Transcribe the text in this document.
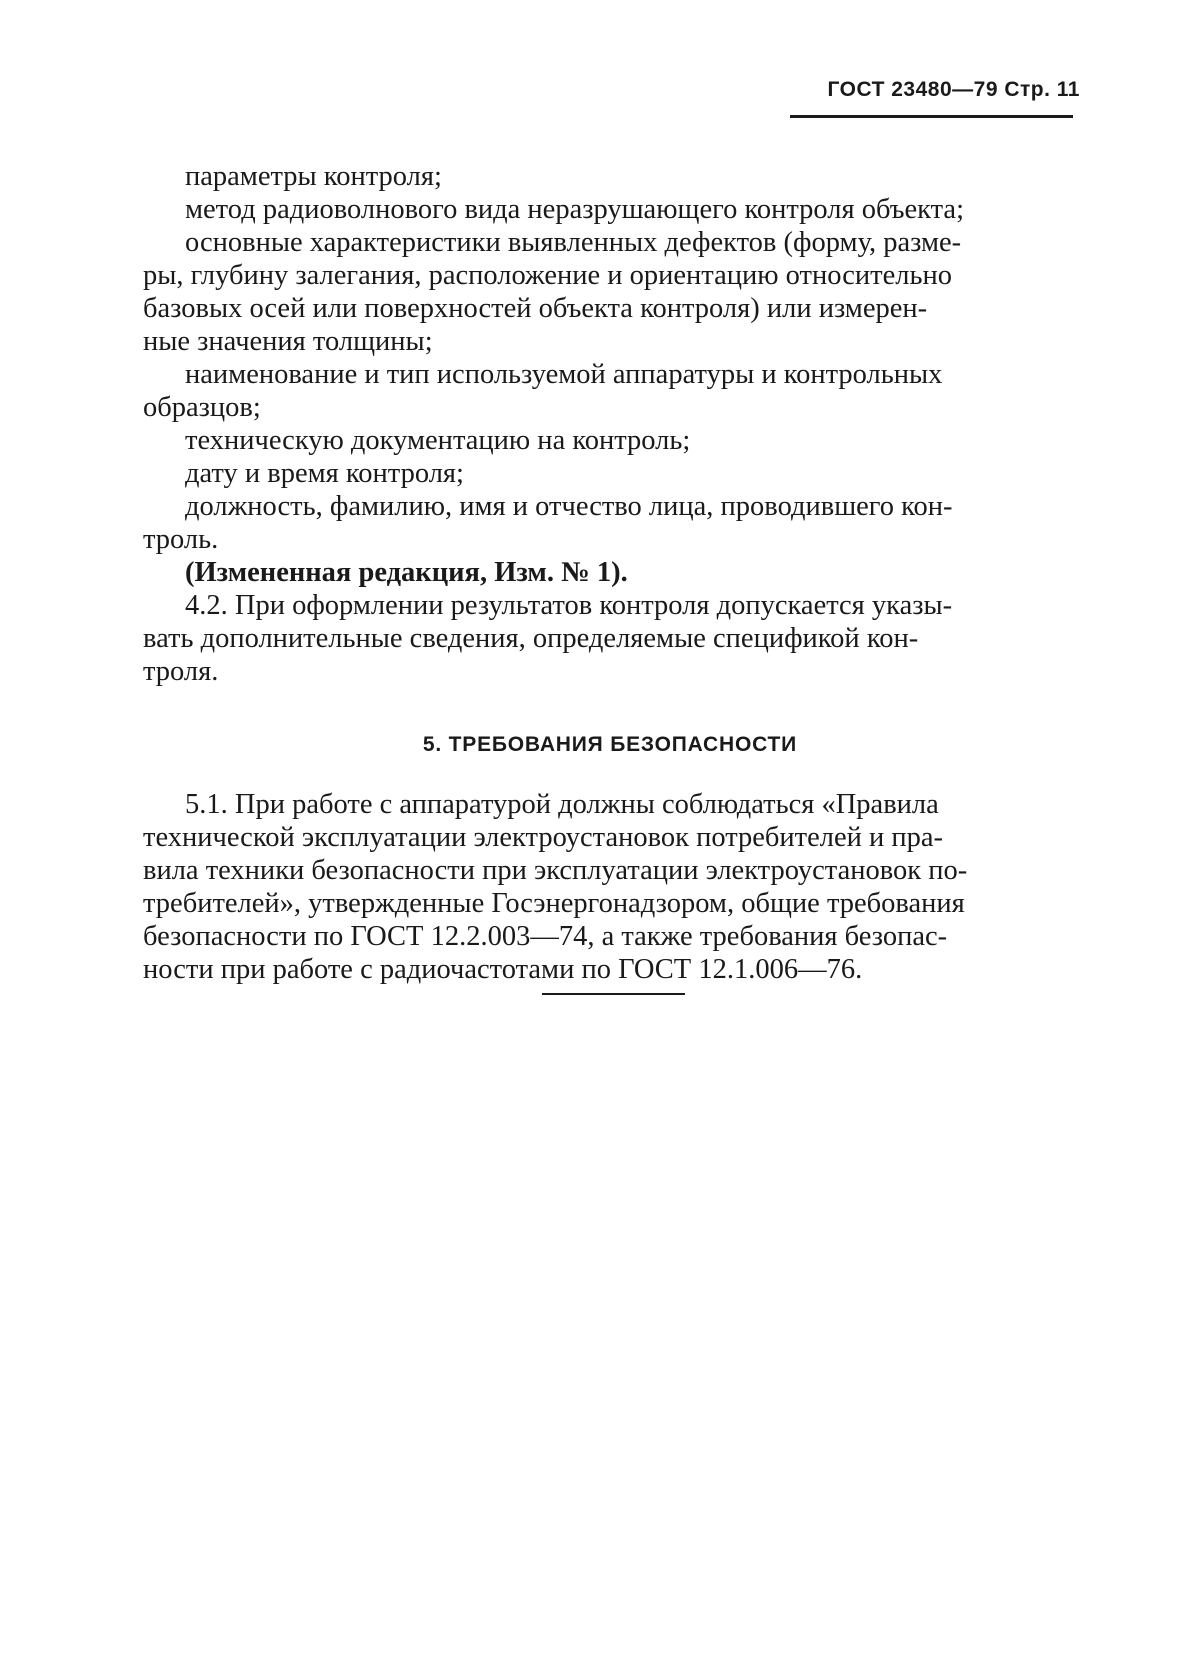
ГОСТ 23480—79 Стр. 11
параметры контроля;
метод радиоволнового вида неразрушающего контроля объекта;
основные характеристики выявленных дефектов (форму, разме-
ры, глубину залегания, расположение и ориентацию относительно
базовых осей или поверхностей объекта контроля) или измерен-
ные значения толщины;
наименование и тип используемой аппаратуры и контрольных
образцов;
техническую документацию на контроль;
дату и время контроля;
должность, фамилию, имя и отчество лица, проводившего кон-
троль.
(Измененная редакция, Изм. № 1).
4.2. При оформлении результатов контроля допускается указы-
вать дополнительные сведения, определяемые спецификой кон-
троля.
5. ТРЕБОВАНИЯ БЕЗОПАСНОСТИ
5.1. При работе с аппаратурой должны соблюдаться «Правила
технической эксплуатации электроустановок потребителей и пра-
вила техники безопасности при эксплуатации электроустановок по-
требителей», утвержденные Госэнергонадзором, общие требования
безопасности по ГОСТ 12.2.003—74, а также требования безопас-
ности при работе с радиочастотами по ГОСТ 12.1.006—76.
